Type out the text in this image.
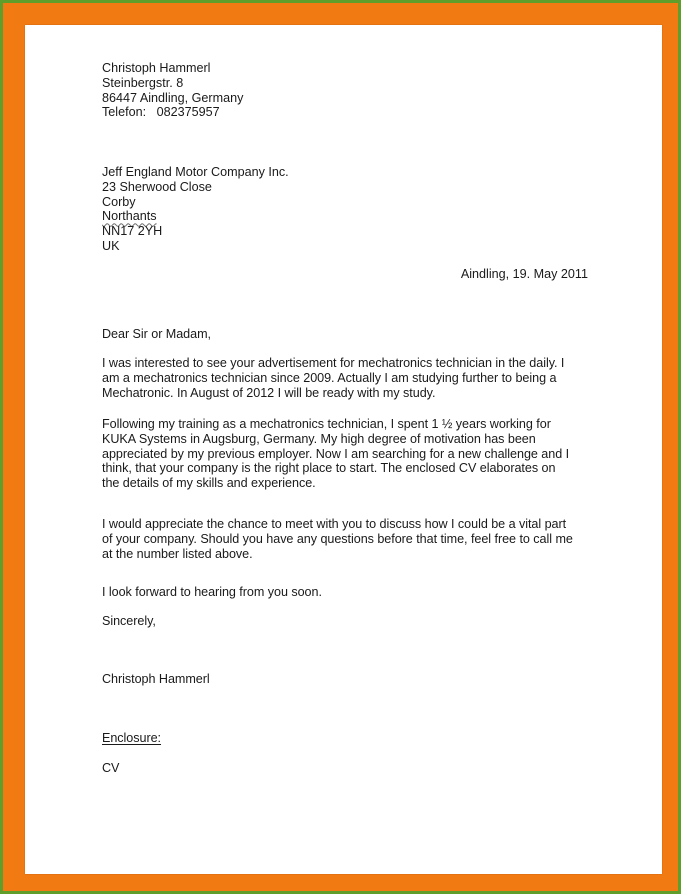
Christoph Hammerl
Steinbergstr. 8
86447 Aindling, Germany
Telefon: 082375957
Jeff England Motor Company Inc.
23 Sherwood Close
Corby
Northants
NN17 2YH
UK
Aindling, 19. May 2011
Dear Sir or Madam,
I was interested to see your advertisement for mechatronics technician in the daily. I
am a mechatronics technician since 2009. Actually I am studying further to being a
Mechatronic. In August of 2012 I will be ready with my study.
Following my training as a mechatronics technician, I spent 1 ½ years working for
KUKA Systems in Augsburg, Germany. My high degree of motivation has been
appreciated by my previous employer. Now I am searching for a new challenge and I
think, that your company is the right place to start. The enclosed CV elaborates on
the details of my skills and experience.
I would appreciate the chance to meet with you to discuss how I could be a vital part
of your company. Should you have any questions before that time, feel free to call me
at the number listed above.
I look forward to hearing from you soon.
Sincerely,
Christoph Hammerl
Enclosure:
CV
